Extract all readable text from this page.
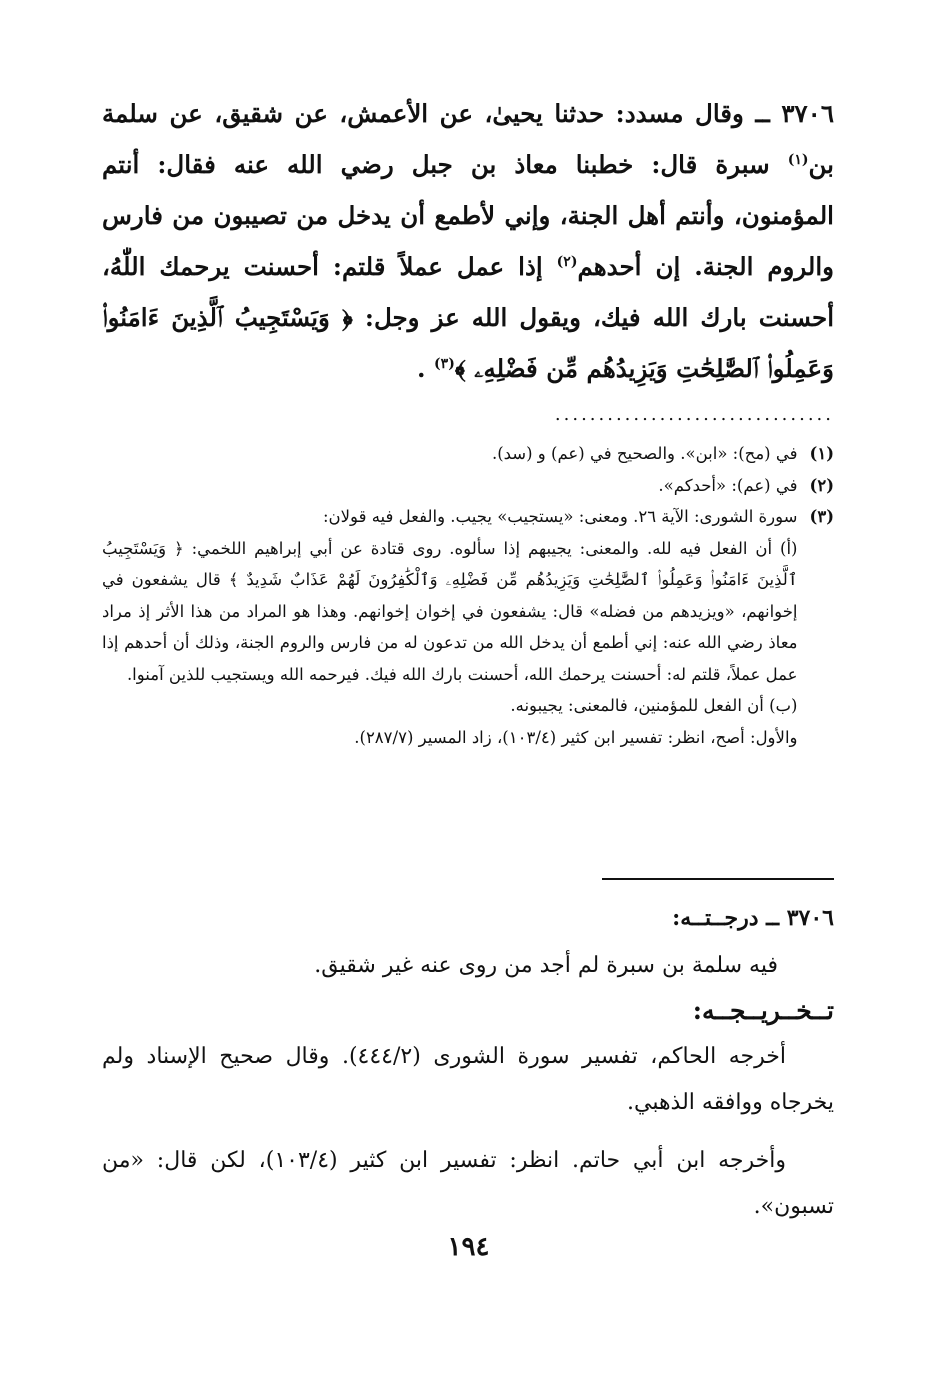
٣٧٠٦ ــ وقال مسدد: حدثنا يحيىٰ، عن الأعمش، عن شقيق، عن سلمة بن$^{(١)}$ سبرة قال: خطبنا معاذ بن جبل رضي الله عنه فقال: أنتم المؤمنون، وأنتم أهل الجنة، وإني لأطمع أن يدخل من تصيبون من فارس والروم الجنة. إن أحدهم$^{(٢)}$ إذا عمل عملاً قلتم: أحسنت يرحمك اللّٰهُ، أحسنت بارك الله فيك، ويقول الله عز وجل: ﴿ وَيَسْتَجِيبُ ٱلَّذِينَ ءَامَنُوا۟ وَعَمِلُوا۟ ٱلصَّٰلِحَٰتِ وَيَزِيدُهُم مِّن فَضْلِهِۦ ﴾$^{(٣)}$ .

................................
(١)
في (مح): «ابن». والصحيح في (عم) و (سد).
(٢)
في (عم): «أحدكم».
(٣)

سورة الشورى: الآية ٢٦. ومعنى: «يستجيب» يجيب. والفعل فيه قولان:

(أ) أن الفعل فيه لله. والمعنى: يجيبهم إذا سألوه. روى قتادة عن أبي إبراهيم اللخمي: ﴿ وَيَسْتَجِيبُ ٱلَّذِينَ ءَامَنُوا۟ وَعَمِلُوا۟ ٱلصَّٰلِحَٰتِ وَيَزِيدُهُم مِّن فَضْلِهِۦ وَٱلْكَٰفِرُونَ لَهُمْ عَذَابٌ شَدِيدٌ ﴾ قال يشفعون في إخوانهم، «ويزيدهم من فضله» قال: يشفعون في إخوان إخوانهم. وهذا هو المراد من هذا الأثر إذ مراد معاذ رضي الله عنه: إني أطمع أن يدخل الله من تدعون له من فارس والروم الجنة، وذلك أن أحدهم إذا عمل عملاً، قلتم له: أحسنت يرحمك الله، أحسنت بارك الله فيك. فيرحمه الله ويستجيب للذين آمنوا.

(ب) أن الفعل للمؤمنين، فالمعنى: يجيبونه.

والأول: أصح، انظر: تفسير ابن كثير (١٠٣/٤)، زاد المسير (٢٨٧/٧).

٣٧٠٦ ــ درجــتــه:
فيه سلمة بن سبرة لم أجد من روى عنه غير شقيق.
تــخــريــجــه:

أخرجه الحاكم، تفسير سورة الشورى (٤٤٤/٢). وقال صحيح الإسناد ولم يخرجاه ووافقه الذهبي.

وأخرجه ابن أبي حاتم. انظر: تفسير ابن كثير (١٠٣/٤)، لكن قال: «من تسبون».

١٩٤
